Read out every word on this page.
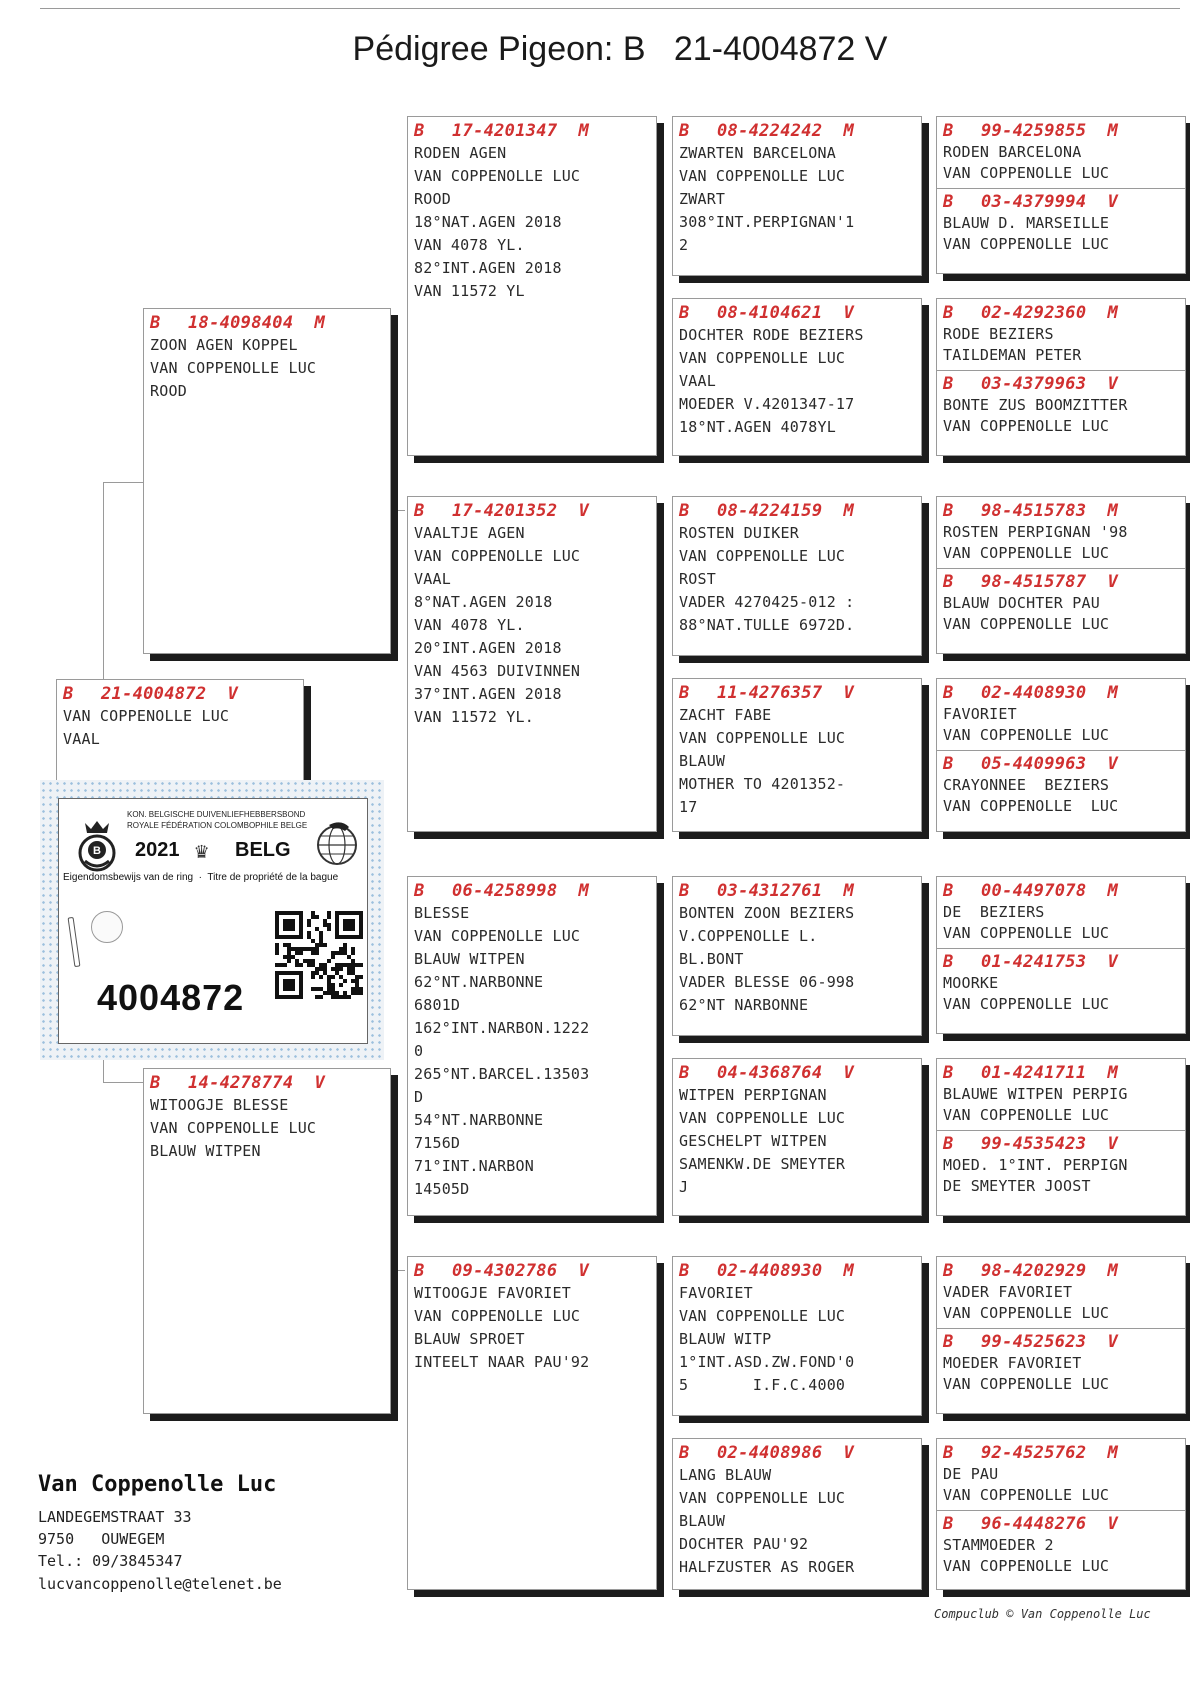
Pédigree Pigeon: B   21-4004872 V
B 21-4004872 V
VAN COPPENOLLE LUC
VAAL
B 18-4098404 M
ZOON AGEN KOPPEL
VAN COPPENOLLE LUC
ROOD
B 14-4278774 V
WITOOGJE BLESSE
VAN COPPENOLLE LUC
BLAUW WITPEN
B 17-4201347 M
RODEN AGEN
VAN COPPENOLLE LUC
ROOD
18°NAT.AGEN 2018
VAN 4078 YL.
82°INT.AGEN 2018
VAN 11572 YL
B 17-4201352 V
VAALTJE AGEN
VAN COPPENOLLE LUC
VAAL
8°NAT.AGEN 2018
VAN 4078 YL.
20°INT.AGEN 2018
VAN 4563 DUIVINNEN
37°INT.AGEN 2018
VAN 11572 YL.
B 06-4258998 M
BLESSE
VAN COPPENOLLE LUC
BLAUW WITPEN
62°NT.NARBONNE
6801D
162°INT.NARBON.1222
0
265°NT.BARCEL.13503
D
54°NT.NARBONNE
7156D
71°INT.NARBON
14505D
B 09-4302786 V
WITOOGJE FAVORIET
VAN COPPENOLLE LUC
BLAUW SPROET
INTEELT NAAR PAU'92
B 08-4224242 M
ZWARTEN BARCELONA
VAN COPPENOLLE LUC
ZWART
308°INT.PERPIGNAN'1
2
B 08-4104621 V
DOCHTER RODE BEZIERS
VAN COPPENOLLE LUC
VAAL
MOEDER V.4201347-17
18°NT.AGEN 4078YL
B 08-4224159 M
ROSTEN DUIKER
VAN COPPENOLLE LUC
ROST
VADER 4270425-012 :
88°NAT.TULLE 6972D.
B 11-4276357 V
ZACHT FABE
VAN COPPENOLLE LUC
BLAUW
MOTHER TO 4201352-
17
B 03-4312761 M
BONTEN ZOON BEZIERS
V.COPPENOLLE L.
BL.BONT
VADER BLESSE 06-998
62°NT NARBONNE
B 04-4368764 V
WITPEN PERPIGNAN
VAN COPPENOLLE LUC
GESCHELPT WITPEN
SAMENKW.DE SMEYTER
J
B 02-4408930 M
FAVORIET
VAN COPPENOLLE LUC
BLAUW WITP
1°INT.ASD.ZW.FOND'0
5       I.F.C.4000
B 02-4408986 V
LANG BLAUW
VAN COPPENOLLE LUC
BLAUW
DOCHTER PAU'92
HALFZUSTER AS ROGER
B 99-4259855 M
RODEN BARCELONA
VAN COPPENOLLE LUC
B 03-4379994 V
BLAUW D. MARSEILLE
VAN COPPENOLLE LUC
B 02-4292360 M
RODE BEZIERS
TAILDEMAN PETER
B 03-4379963 V
BONTE ZUS BOOMZITTER
VAN COPPENOLLE LUC
B 98-4515783 M
ROSTEN PERPIGNAN '98
VAN COPPENOLLE LUC
B 98-4515787 V
BLAUW DOCHTER PAU
VAN COPPENOLLE LUC
B 02-4408930 M
FAVORIET
VAN COPPENOLLE LUC
B 05-4409963 V
CRAYONNEE  BEZIERS
VAN COPPENOLLE  LUC
B 00-4497078 M
DE  BEZIERS
VAN COPPENOLLE LUC
B 01-4241753 V
MOORKE
VAN COPPENOLLE LUC
B 01-4241711 M
BLAUWE WITPEN PERPIG
VAN COPPENOLLE LUC
B 99-4535423 V
MOED. 1°INT. PERPIGN
DE SMEYTER JOOST
B 98-4202929 M
VADER FAVORIET
VAN COPPENOLLE LUC
B 99-4525623 V
MOEDER FAVORIET
VAN COPPENOLLE LUC
B 92-4525762 M
DE PAU
VAN COPPENOLLE LUC
B 96-4448276 V
STAMMOEDER 2
VAN COPPENOLLE LUC
B
KON. BELGISCHE DUIVENLIEFHEBBERSBOND
ROYALE FÉDÉRATION COLOMBOPHILE BELGE
2021 ♛ BELG
Eigendomsbewijs van de ring  ·  Titre de propriété de la bague
4004872
Van Coppenolle Luc
LANDEGEMSTRAAT 33
9750   OUWEGEM
Tel.: 09/3845347
lucvancoppenolle@telenet.be
Compuclub © Van Coppenolle Luc
